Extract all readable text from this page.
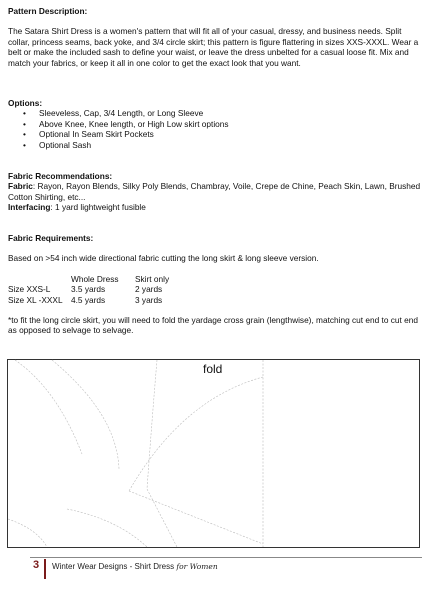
Pattern Description:

The Satara Shirt Dress is a women's pattern that will fit all of your casual, dressy, and business needs. Split collar, princess seams, back yoke, and 3/4 circle skirt; this pattern is figure flattering in sizes XXS-XXXL. Wear a belt or make the included sash to define your waist, or leave the dress unbelted for a casual loose fit. Mix and match your fabrics, or keep it all in one color to get the exact look that you want.

Options:

• Sleeveless, Cap, 3/4 Length, or Long Sleeve
• Above Knee, Knee length, or High Low skirt options
• Optional In Seam Skirt Pockets
• Optional Sash

Fabric Recommendations:

Fabric: Rayon, Rayon Blends, Silky Poly Blends, Chambray, Voile, Crepe de Chine, Peach Skin, Lawn, Brushed Cotton Shirting, etc...

Interfacing: 1 yard lightweight fusible

Fabric Requirements:

Based on >54 inch wide directional fabric cutting the long skirt & long sleeve version.

	Whole Dress	Skirt only
Size XXS-L	3.5 yards	2 yards
Size XL -XXXL	4.5 yards	3 yards

*to fit the long circle skirt, you will need to fold the yardage cross grain (lengthwise), matching cut end to cut end as opposed to selvage to selvage.

fold
3 Winter Wear Designs - Shirt Dress for Women
